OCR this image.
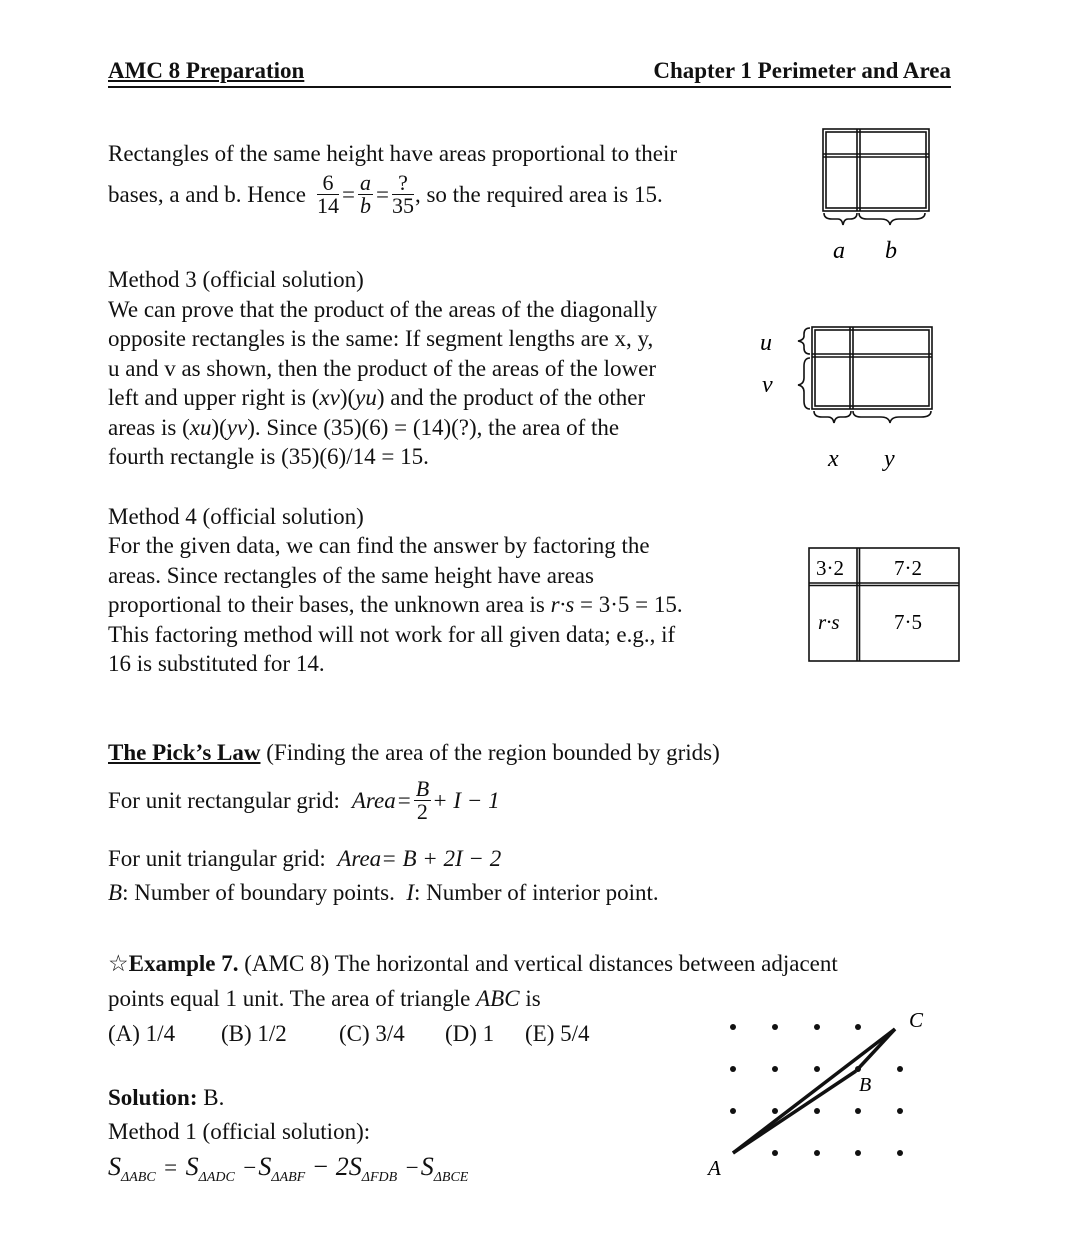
AMC 8 Preparation	Chapter 1 Perimeter and Area
Rectangles of the same height have areas proportional to their
bases, a and b. Hence $\frac{6}{14} = \frac{a}{b} = \frac{?}{35}$ , so the required area is 15.
a b
Method 3 (official solution)
We can prove that the product of the areas of the diagonally
opposite rectangles is the same: If segment lengths are x, y,
u and v as shown, then the product of the areas of the lower
left and upper right is (xv)(yu) and the product of the other
areas is (xu)(yv). Since (35)(6) = (14)(?), the area of the
fourth rectangle is (35)(6)/14 = 15.
u
v
x y
Method 4 (official solution)
For the given data, we can find the answer by factoring the
areas. Since rectangles of the same height have areas
proportional to their bases, the unknown area is r·s = 3·5 = 15.
This factoring method will not work for all given data; e.g., if
16 is substituted for 14.
3·2 7·2
r·s	7·5
The Pick’s Law (Finding the area of the region bounded by grids)
For unit rectangular grid: Area = $\frac{B}{2} + I - 1$
For unit triangular grid: Area= B + 2I − 2
B: Number of boundary points. I: Number of interior point.
☆Example 7. (AMC 8) The horizontal and vertical distances between adjacent
points equal 1 unit. The area of triangle ABC is
(A) 1/4 (B) 1/2 (C) 3/4 (D) 1 (E) 5/4
A
B
C
Solution: B.
Method 1 (official solution):
$S_{\Delta ABC} = S_{\Delta ADC} -S_{\Delta ABF} - 2S_{\Delta FDB} -S_{\Delta BCE}$
